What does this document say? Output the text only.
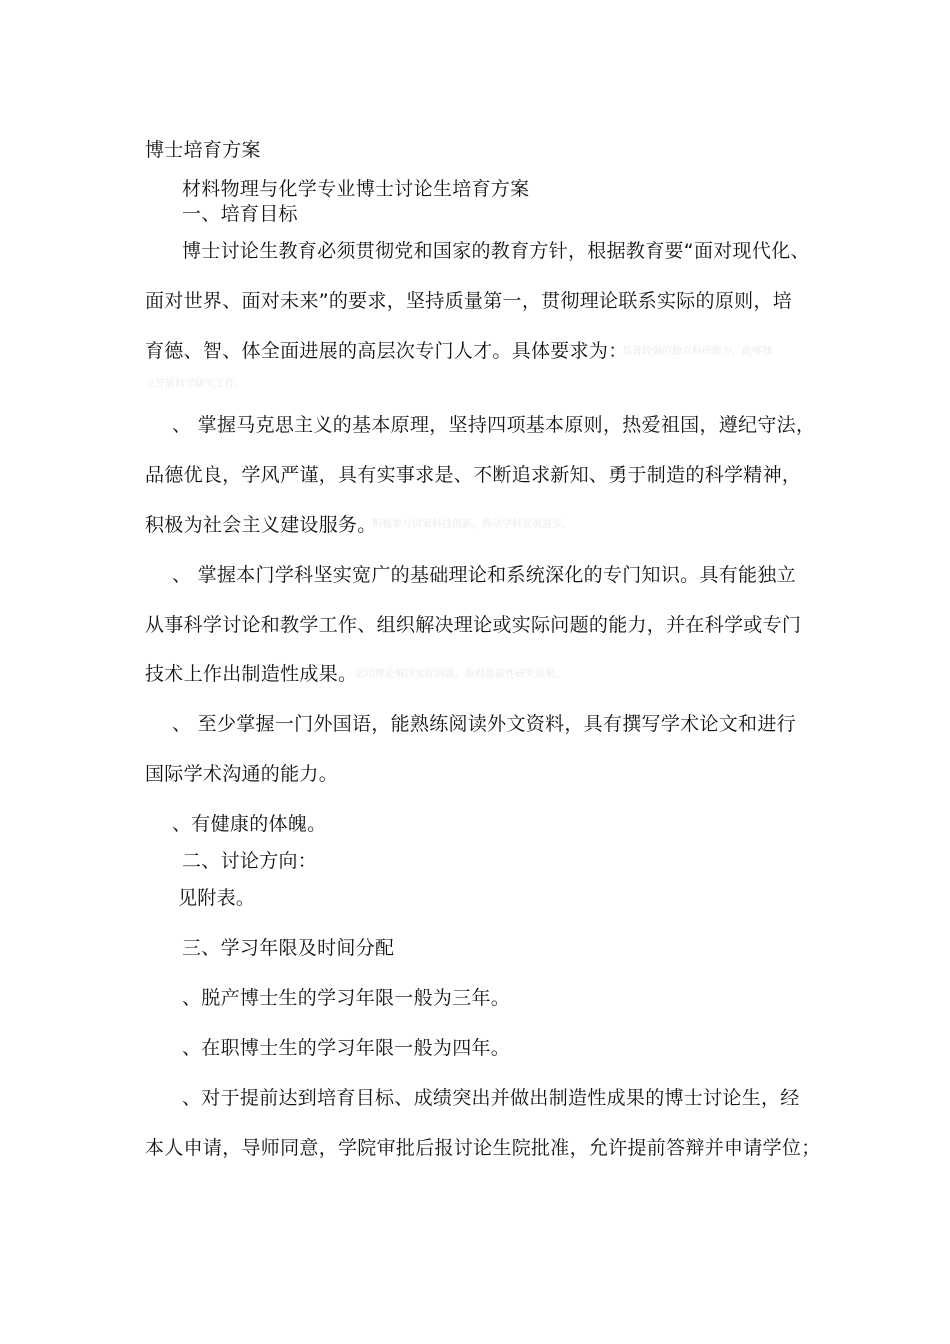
博士培育方案
材料物理与化学专业博士讨论生培育方案
一、培育目标
博士讨论生教育必须贯彻党和国家的教育方针，根据教育要“面对现代化、
面对世界、面对未来”的要求，坚持质量第一，贯彻理论联系实际的原则，培
育德、智、体全面进展的高层次专门人才。具体要求为：
具备较强的独立科研能力，能够独
立开展科学研究工作。
、 掌握马克思主义的基本原理，坚持四项基本原则，热爱祖国，遵纪守法，
品德优良，学风严谨，具有实事求是、不断追求新知、勇于制造的科学精神，
积极为社会主义建设服务。
积极参与国家科技创新，推动学科发展进步。
、 掌握本门学科坚实宽广的基础理论和系统深化的专门知识。具有能独立
从事科学讨论和教学工作、组织解决理论或实际问题的能力，并在科学或专门
技术上作出制造性成果。
运用理论解决实际问题，取得创新性研究成果。
、 至少掌握一门外国语，能熟练阅读外文资料，具有撰写学术论文和进行
国际学术沟通的能力。
、有健康的体魄。
二、讨论方向：
见附表。
三、学习年限及时间分配
、脱产博士生的学习年限一般为三年。
、在职博士生的学习年限一般为四年。
、对于提前达到培育目标、成绩突出并做出制造性成果的博士讨论生，经
本人申请，导师同意，学院审批后报讨论生院批准，允许提前答辩并申请学位；
